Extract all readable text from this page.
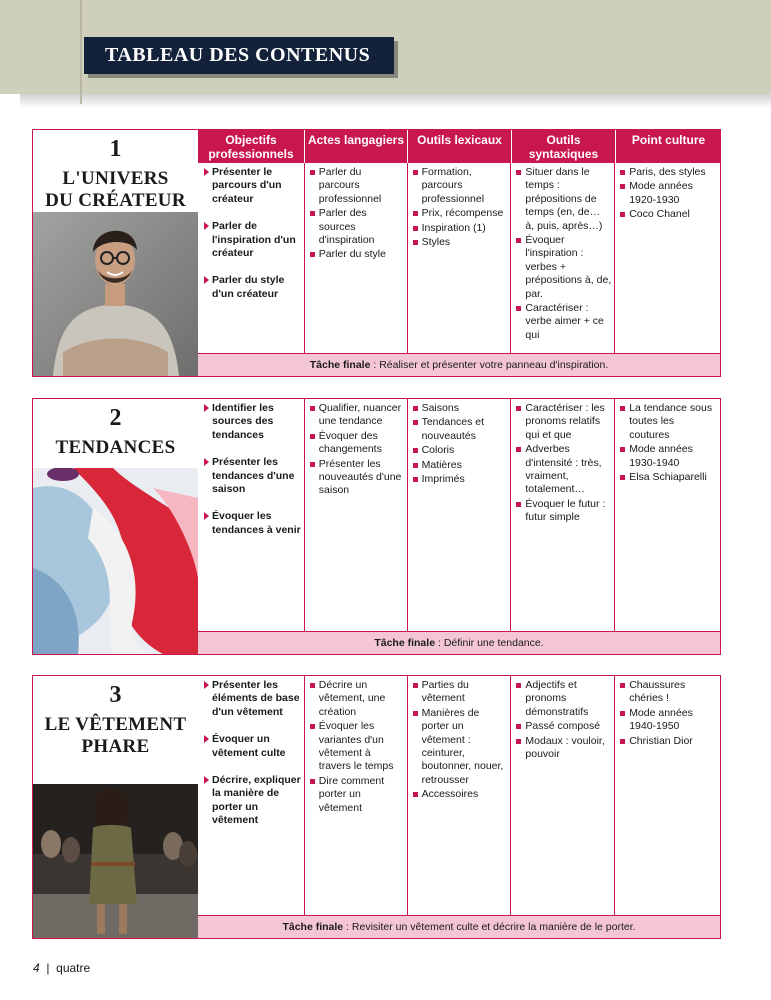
TABLEAU DES CONTENUS
1
L'UNIVERS
DU CRÉATEUR
Objectifs professionnels
Actes langagiers	Outils lexicaux	Outils syntaxiques
Point culture
Présenter le parcours d'un créateur
Parler de l'inspiration d'un créateur
Parler du style d'un créateur
Parler du parcours professionnel
Parler des sources d'inspiration
Parler du style
Formation, parcours professionnel
Prix, récompense
Inspiration (1)
Styles
Situer dans le temps : prépositions de temps (en, de… à, puis, après…)
Évoquer l'inspiration : verbes + prépositions à, de, par.
Caractériser : verbe aimer + ce qui
Paris, des styles
Mode années 1920-1930
Coco Chanel
Tâche finale : Réaliser et présenter votre panneau d'inspiration.
2
TENDANCES
Identifier les sources des tendances
Présenter les tendances d'une saison
Évoquer les tendances à venir
Qualifier, nuancer une tendance
Évoquer des changements
Présenter les nouveautés d'une saison
Saisons
Tendances et nouveautés
Coloris
Matières
Imprimés
Caractériser : les pronoms relatifs qui et que
Adverbes d'intensité : très, vraiment, totalement…
Évoquer le futur : futur simple
La tendance sous toutes les coutures
Mode années 1930-1940
Elsa Schiaparelli
Tâche finale : Définir une tendance.
3
LE VÊTEMENT
PHARE
Présenter les éléments de base d'un vêtement
Évoquer un vêtement culte
Décrire, expliquer la manière de porter un vêtement
Décrire un vêtement, une création
Évoquer les variantes d'un vêtement à travers le temps
Dire comment porter un vêtement
Parties du vêtement
Manières de porter un vêtement : ceinturer, boutonner, nouer, retrousser
Accessoires
Adjectifs et pronoms démonstratifs
Passé composé
Modaux : vouloir, pouvoir
Chaussures chéries !
Mode années 1940-1950
Christian Dior
Tâche finale : Revisiter un vêtement culte et décrire la manière de le porter.
4 | quatre
